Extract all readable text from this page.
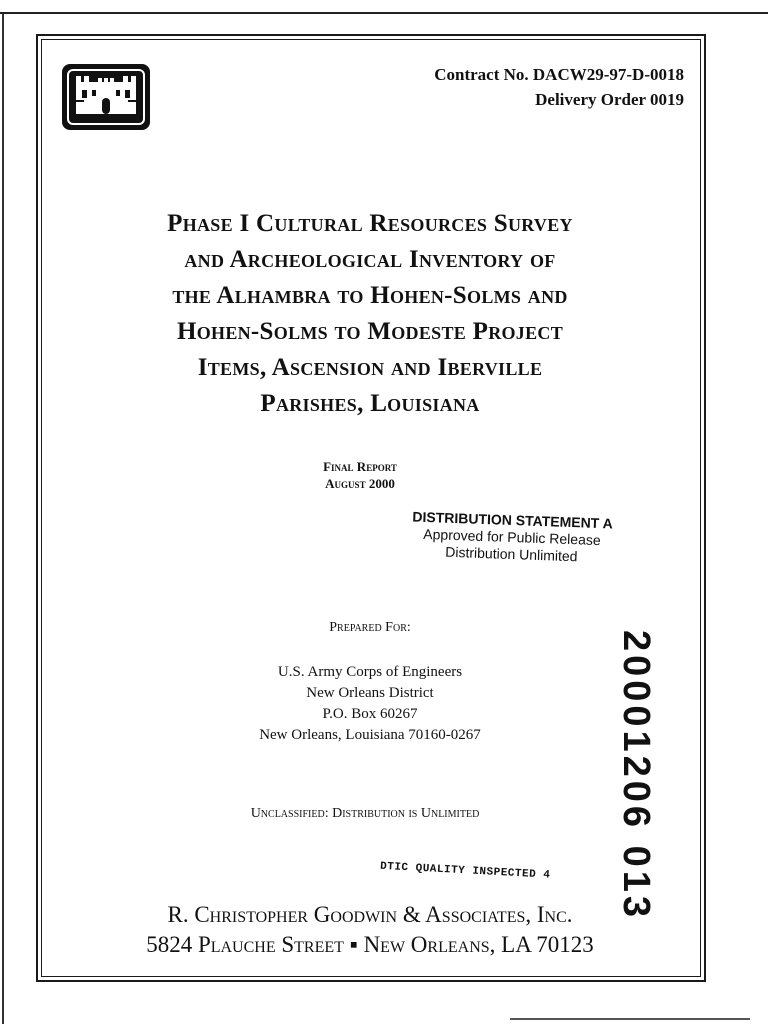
Contract No. DACW29-97-D-0018
Delivery Order 0019
Phase I Cultural Resources Survey
and Archeological Inventory of
the Alhambra to Hohen-Solms and
Hohen-Solms to Modeste Project
Items, Ascension and Iberville
Parishes, Louisiana
Final Report
August 2000
DISTRIBUTION STATEMENT A
Approved for Public Release
Distribution Unlimited
Prepared For:
U.S. Army Corps of Engineers
New Orleans District
P.O. Box 60267
New Orleans, Louisiana 70160-0267
Unclassified: Distribution is Unlimited	20001206 013
DTIC QUALITY INSPECTED 4
R. Christopher Goodwin & Associates, Inc.
5824 Plauche Street ▪ New Orleans, LA 70123
